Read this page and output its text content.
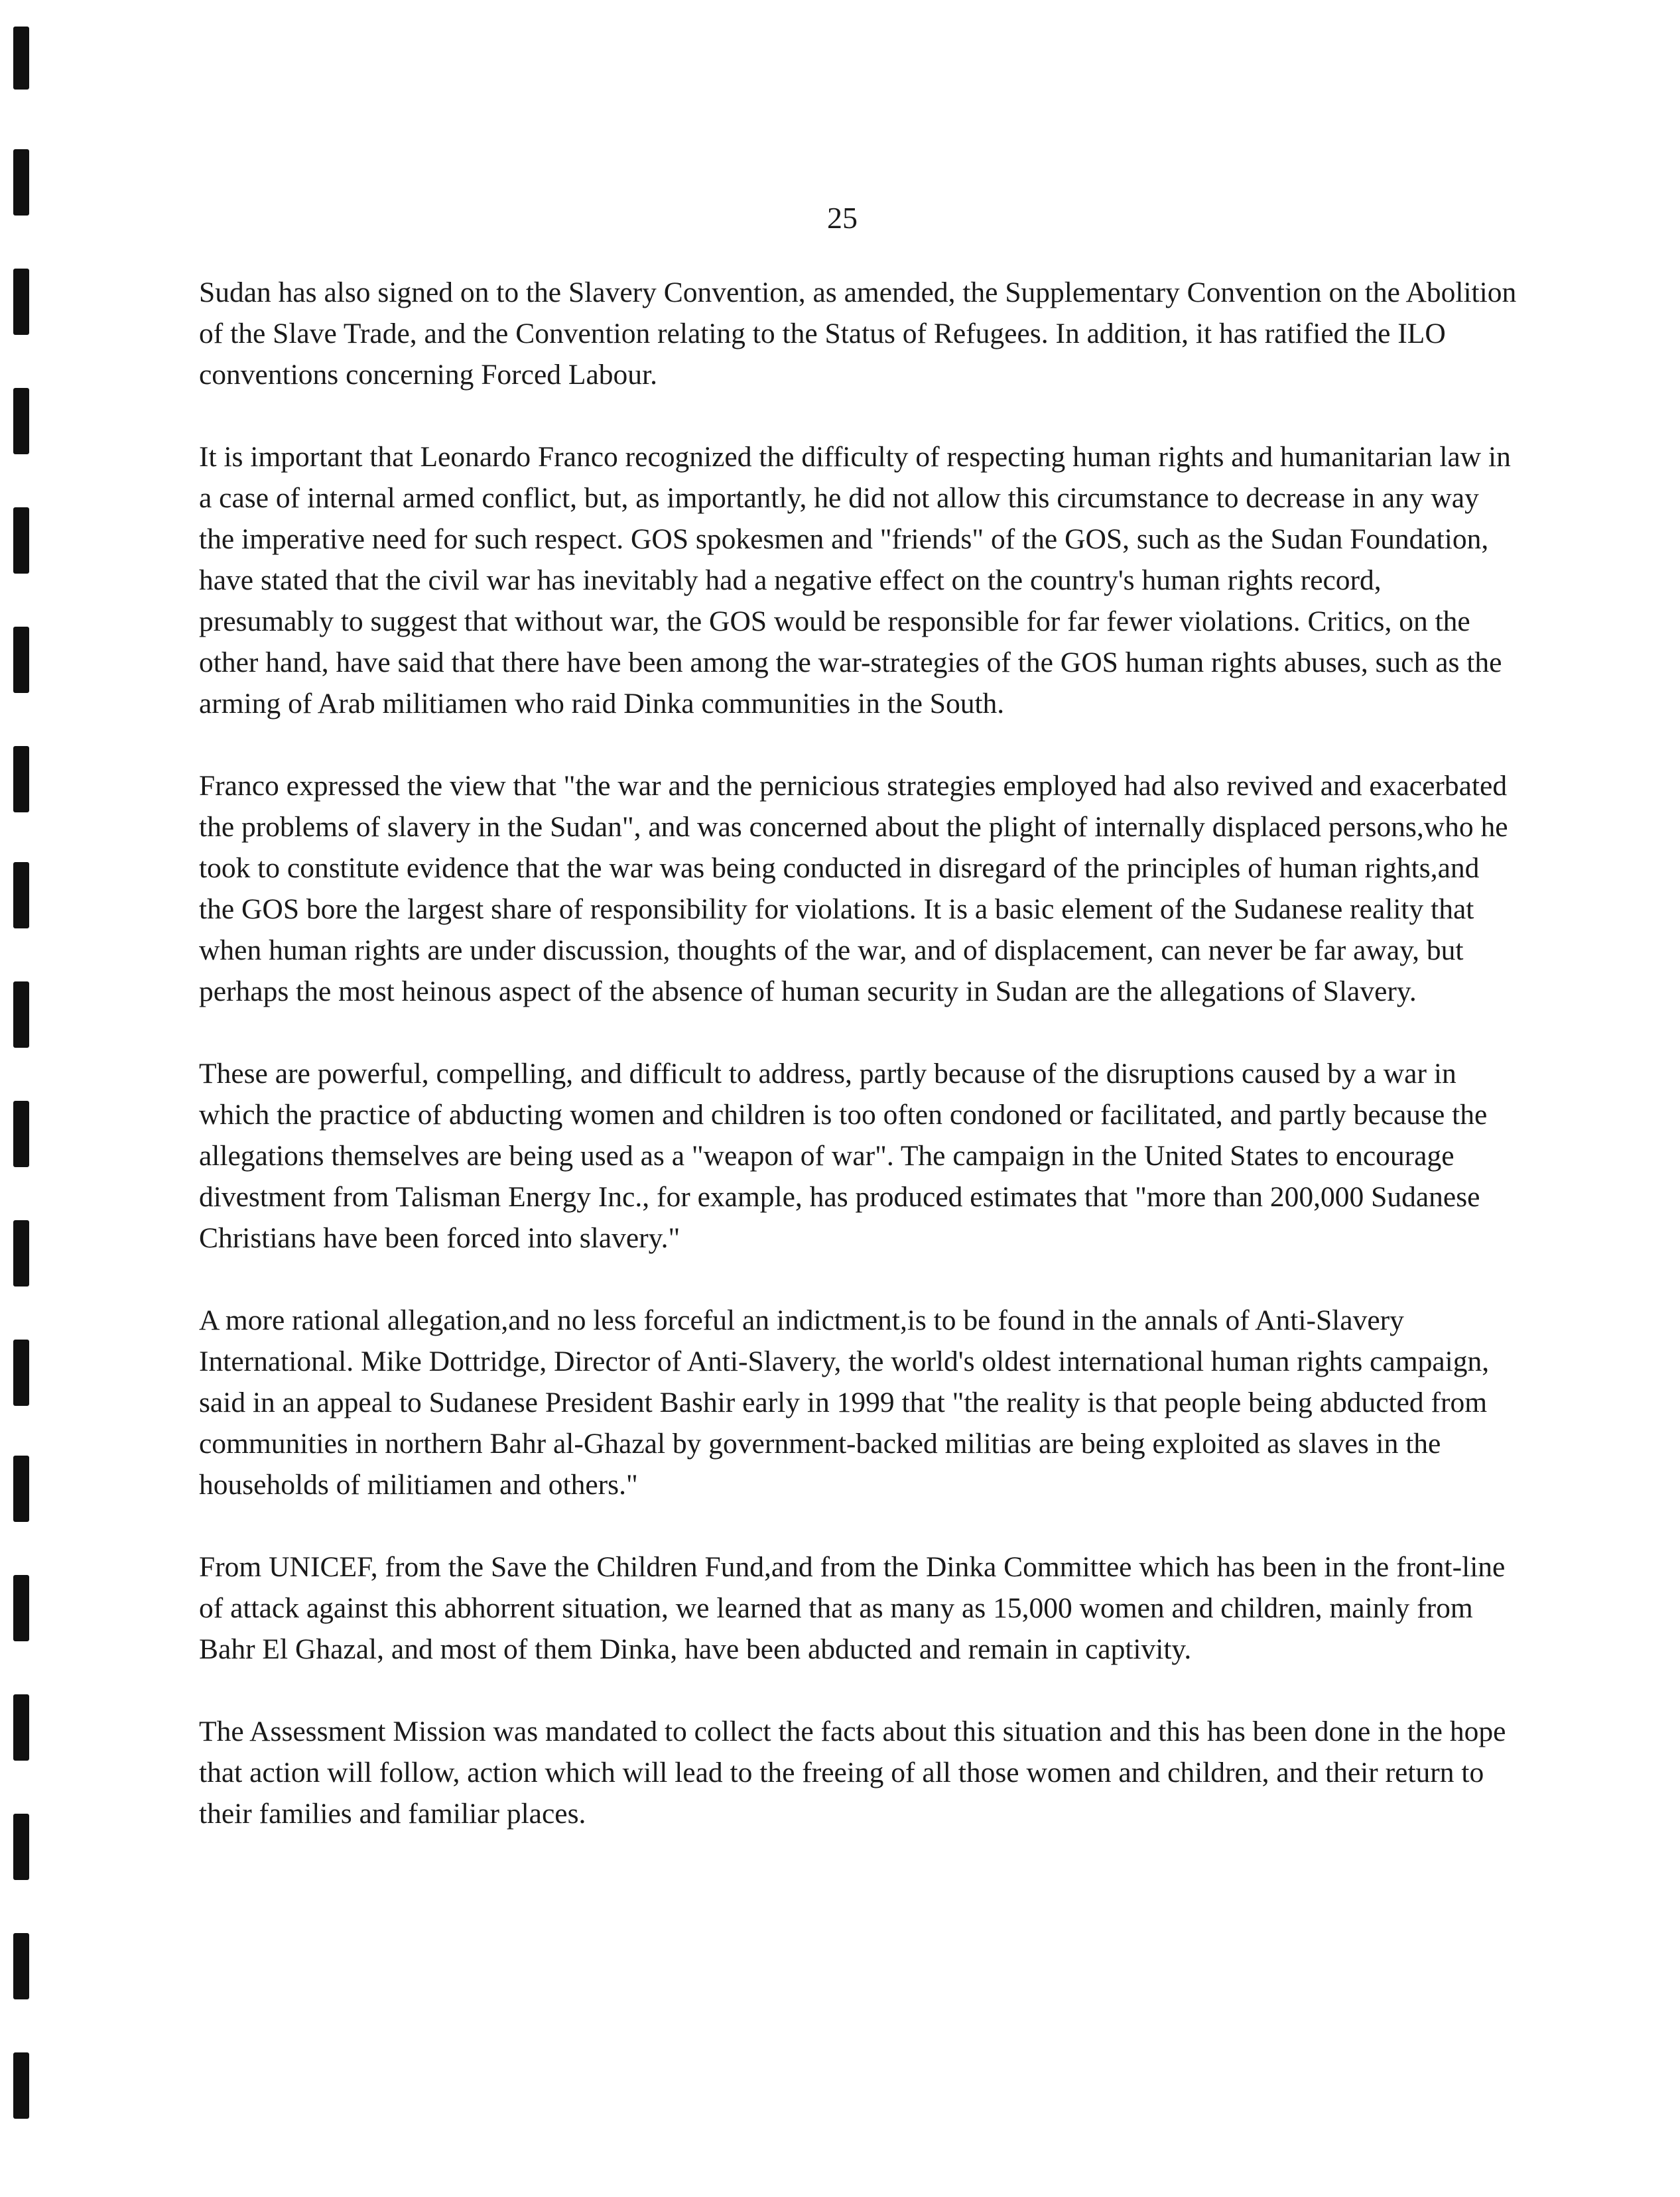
25

Sudan has also signed on to the Slavery Convention, as amended, the Supplementary Convention on the Abolition of the Slave Trade, and the Convention relating to the Status of Refugees. In addition, it has ratified the ILO conventions concerning Forced Labour.

It is important that Leonardo Franco recognized the difficulty of respecting human rights and humanitarian law in a case of internal armed conflict, but, as importantly, he did not allow this circumstance to decrease in any way the imperative need for such respect. GOS spokesmen and "friends" of the GOS, such as the Sudan Foundation, have stated that the civil war has inevitably had a negative effect on the country's human rights record, presumably to suggest that without war, the GOS would be responsible for far fewer violations. Critics, on the other hand, have said that there have been among the war-strategies of the GOS human rights abuses, such as the arming of Arab militiamen who raid Dinka communities in the South.

Franco expressed the view that "the war and the pernicious strategies employed had also revived and exacerbated the problems of slavery in the Sudan", and was concerned about the plight of internally displaced persons,who he took to constitute evidence that the war was being conducted in disregard of the principles of human rights,and the GOS bore the largest share of responsibility for violations. It is a basic element of the Sudanese reality that when human rights are under discussion, thoughts of the war, and of displacement, can never be far away, but perhaps the most heinous aspect of the absence of human security in Sudan are the allegations of Slavery.

These are powerful, compelling, and difficult to address, partly because of the disruptions caused by a war in which the practice of abducting women and children is too often condoned or facilitated, and partly because the allegations themselves are being used as a "weapon of war". The campaign in the United States to encourage divestment from Talisman Energy Inc., for example, has produced estimates that "more than 200,000 Sudanese Christians have been forced into slavery."

A more rational allegation,and no less forceful an indictment,is to be found in the annals of Anti-Slavery International. Mike Dottridge, Director of Anti-Slavery, the world's oldest international human rights campaign, said in an appeal to Sudanese President Bashir early in 1999 that "the reality is that people being abducted from communities in northern Bahr al-Ghazal by government-backed militias are being exploited as slaves in the households of militiamen and others."

From UNICEF, from the Save the Children Fund,and from the Dinka Committee which has been in the front-line of attack against this abhorrent situation, we learned that as many as 15,000 women and children, mainly from Bahr El Ghazal, and most of them Dinka, have been abducted and remain in captivity.

The Assessment Mission was mandated to collect the facts about this situation and this has been done in the hope that action will follow, action which will lead to the freeing of all those women and children, and their return to their families and familiar places.
